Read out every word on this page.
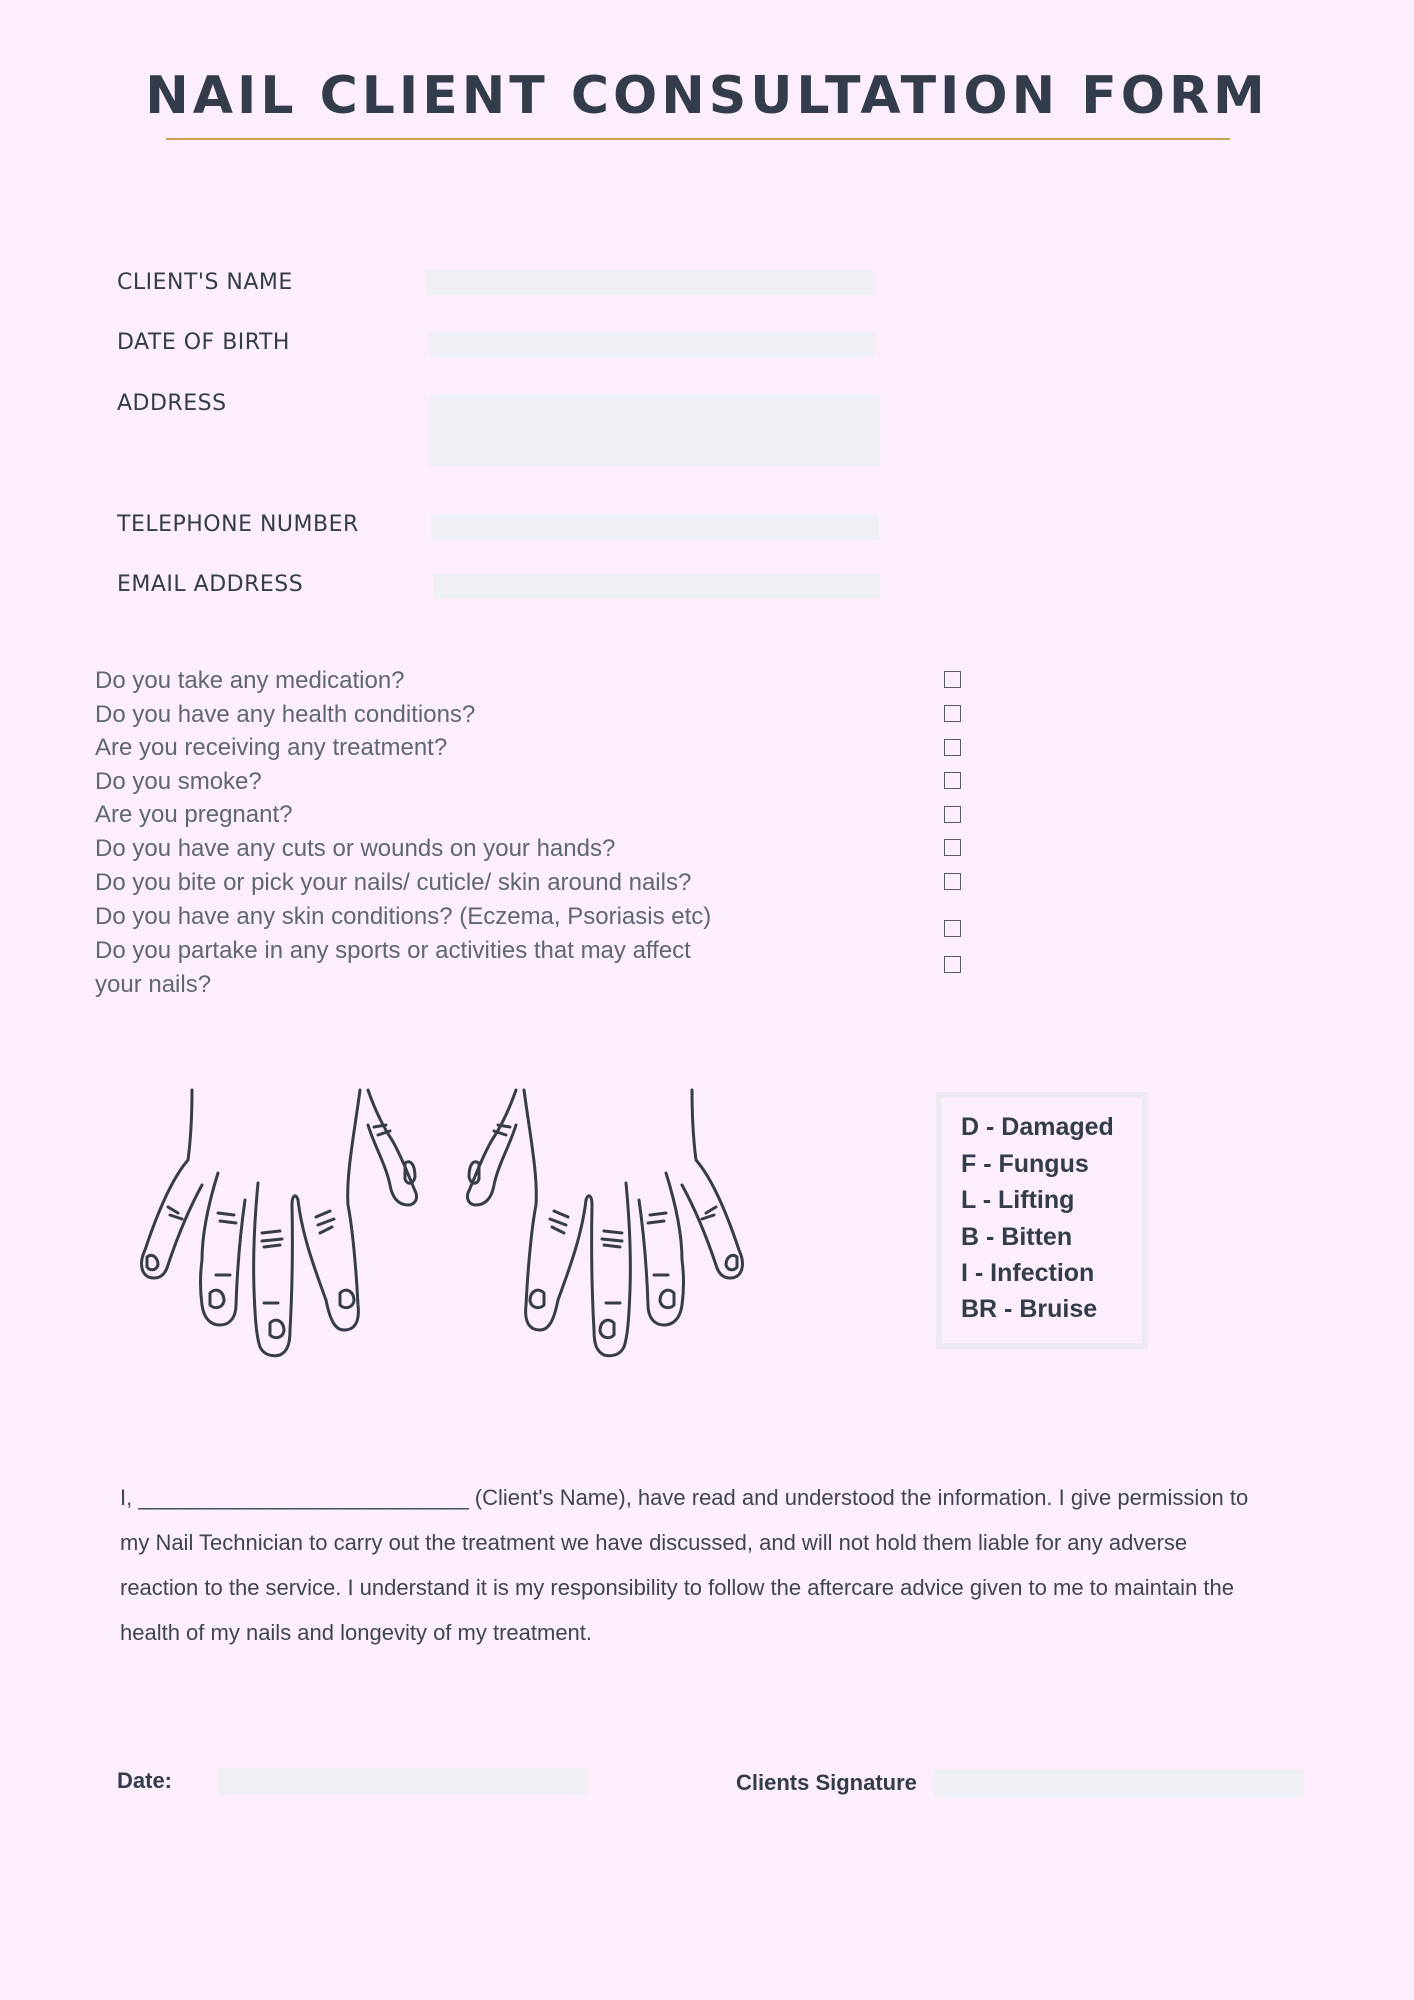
NAIL CLIENT CONSULTATION FORM
CLIENT'S NAME
DATE OF BIRTH
ADDRESS
TELEPHONE NUMBER
EMAIL ADDRESS
Do you take any medication?
Do you have any health conditions?
Are you receiving any treatment?
Do you smoke?
Are you pregnant?
Do you have any cuts or wounds on your hands?
Do you bite or pick your nails/ cuticle/ skin around nails?
Do you have any skin conditions? (Eczema, Psoriasis etc)
Do you partake in any sports or activities that may affect your nails?
D - Damaged
F - Fungus
L - Lifting
B - Bitten
I - Infection
BR - Bruise

I, ___________________________ (Client's Name), have read and understood the information. I give permission to

my Nail Technician to carry out the treatment we have discussed, and will not hold them liable for any adverse

reaction to the service. I understand it is my responsibility to follow the aftercare advice given to me to maintain the

health of my nails and longevity of my treatment.

Date:	Clients Signature
